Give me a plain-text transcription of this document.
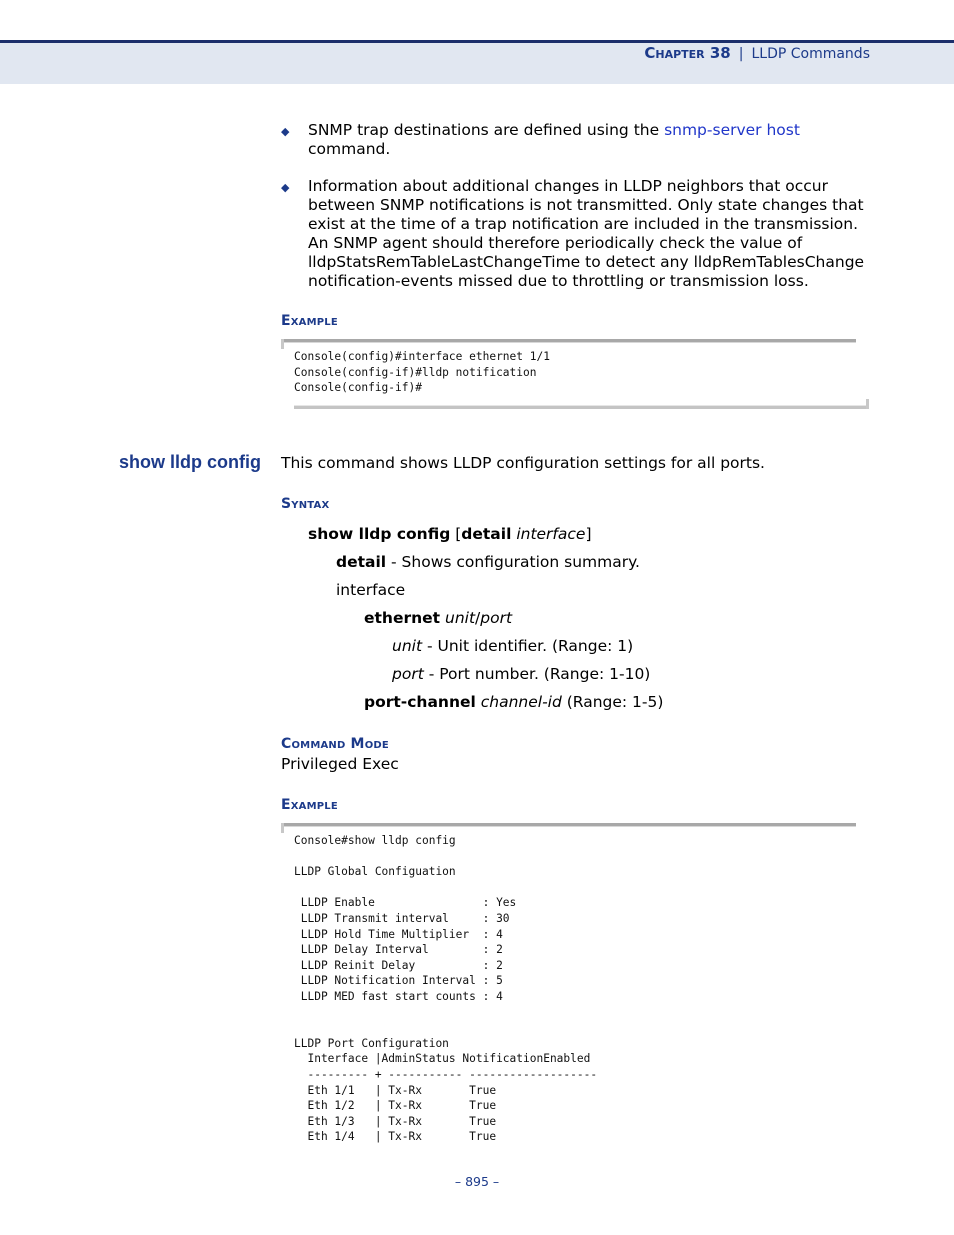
Chapter 38 | LLDP Commands
◆ SNMP trap destinations are defined using the snmp-server host command.
◆ Information about additional changes in LLDP neighbors that occur between SNMP notifications is not transmitted. Only state changes that exist at the time of a trap notification are included in the transmission. An SNMP agent should therefore periodically check the value of lldpStatsRemTableLastChangeTime to detect any lldpRemTablesChange notification-events missed due to throttling or transmission loss.
Example
Console(config)#interface ethernet 1/1
Console(config-if)#lldp notification
Console(config-if)#
show lldp config This command shows LLDP configuration settings for all ports.
Syntax
show lldp config [detail interface]
detail - Shows configuration summary.
interface
ethernet unit/port
unit - Unit identifier. (Range: 1)
port - Port number. (Range: 1-10)
port-channel channel-id (Range: 1-5)
Command Mode
Privileged Exec
Example
Console#show lldp config

LLDP Global Configuation

LLDP Enable                : Yes
LLDP Transmit interval     : 30
LLDP Hold Time Multiplier  : 4
LLDP Delay Interval        : 2
LLDP Reinit Delay          : 2
LLDP Notification Interval : 5
LLDP MED fast start counts : 4

LLDP Port Configuration
Interface |AdminStatus NotificationEnabled
--------- + ----------- -------------------
Eth 1/1   | Tx-Rx       True
Eth 1/2   | Tx-Rx       True
Eth 1/3   | Tx-Rx       True
Eth 1/4   | Tx-Rx       True
– 895 –
